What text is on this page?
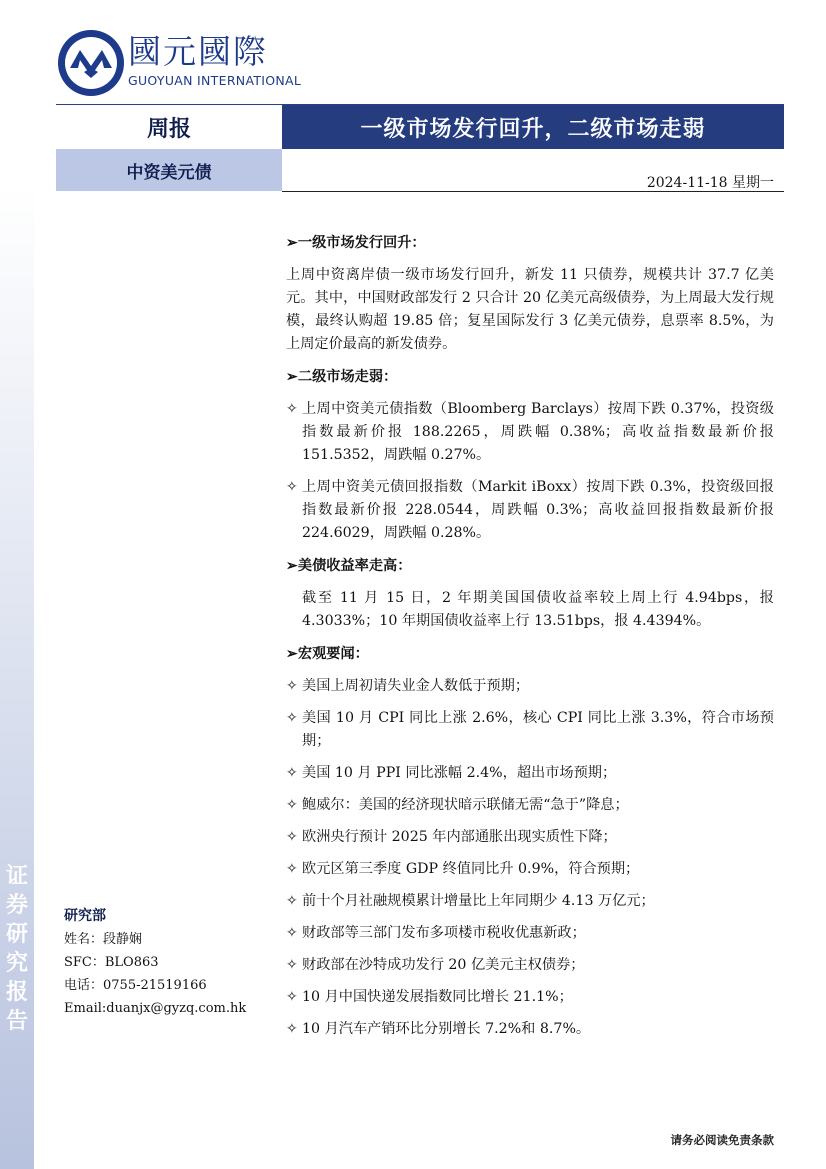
证
券
研
究
报
告
國元國際
GUOYUAN INTERNATIONAL
周报	一级市场发行回升，二级市场走弱
中资美元债
2024-11-18 星期一
➢一级市场发行回升：
上周中资离岸债一级市场发行回升，新发 11 只债券，规模共计 37.7 亿美元。其中，中国财政部发行 2 只合计 20 亿美元高级债券，为上周最大发行规模，最终认购超 19.85 倍；复星国际发行 3 亿美元债券，息票率 8.5%，为上周定价最高的新发债券。
➢二级市场走弱：
✧ 上周中资美元债指数（Bloomberg Barclays）按周下跌 0.37%，投资级指数最新价报 188.2265，周跌幅 0.38%；高收益指数最新价报 151.5352，周跌幅 0.27%。
✧ 上周中资美元债回报指数（Markit iBoxx）按周下跌 0.3%，投资级回报指数最新价报 228.0544，周跌幅 0.3%；高收益回报指数最新价报 224.6029，周跌幅 0.28%。
➢美债收益率走高：
截至 11 月 15 日，2 年期美国国债收益率较上周上行 4.94bps，报 4.3033%；10 年期国债收益率上行 13.51bps，报 4.4394%。
➢宏观要闻：
✧ 美国上周初请失业金人数低于预期；
✧ 美国 10 月 CPI 同比上涨 2.6%，核心 CPI 同比上涨 3.3%，符合市场预期；
✧ 美国 10 月 PPI 同比涨幅 2.4%，超出市场预期；
✧ 鲍威尔：美国的经济现状暗示联储无需“急于”降息；
✧ 欧洲央行预计 2025 年内部通胀出现实质性下降；
✧ 欧元区第三季度 GDP 终值同比升 0.9%，符合预期；
✧ 前十个月社融规模累计增量比上年同期少 4.13 万亿元；
✧ 财政部等三部门发布多项楼市税收优惠新政；
✧ 财政部在沙特成功发行 20 亿美元主权债券；
✧ 10 月中国快递发展指数同比增长 21.1%；
✧ 10 月汽车产销环比分别增长 7.2%和 8.7%。
研究部
姓名：段静娴
SFC：BLO863
电话：0755-21519166
Email:duanjx@gyzq.com.hk
请务必阅读免责条款
